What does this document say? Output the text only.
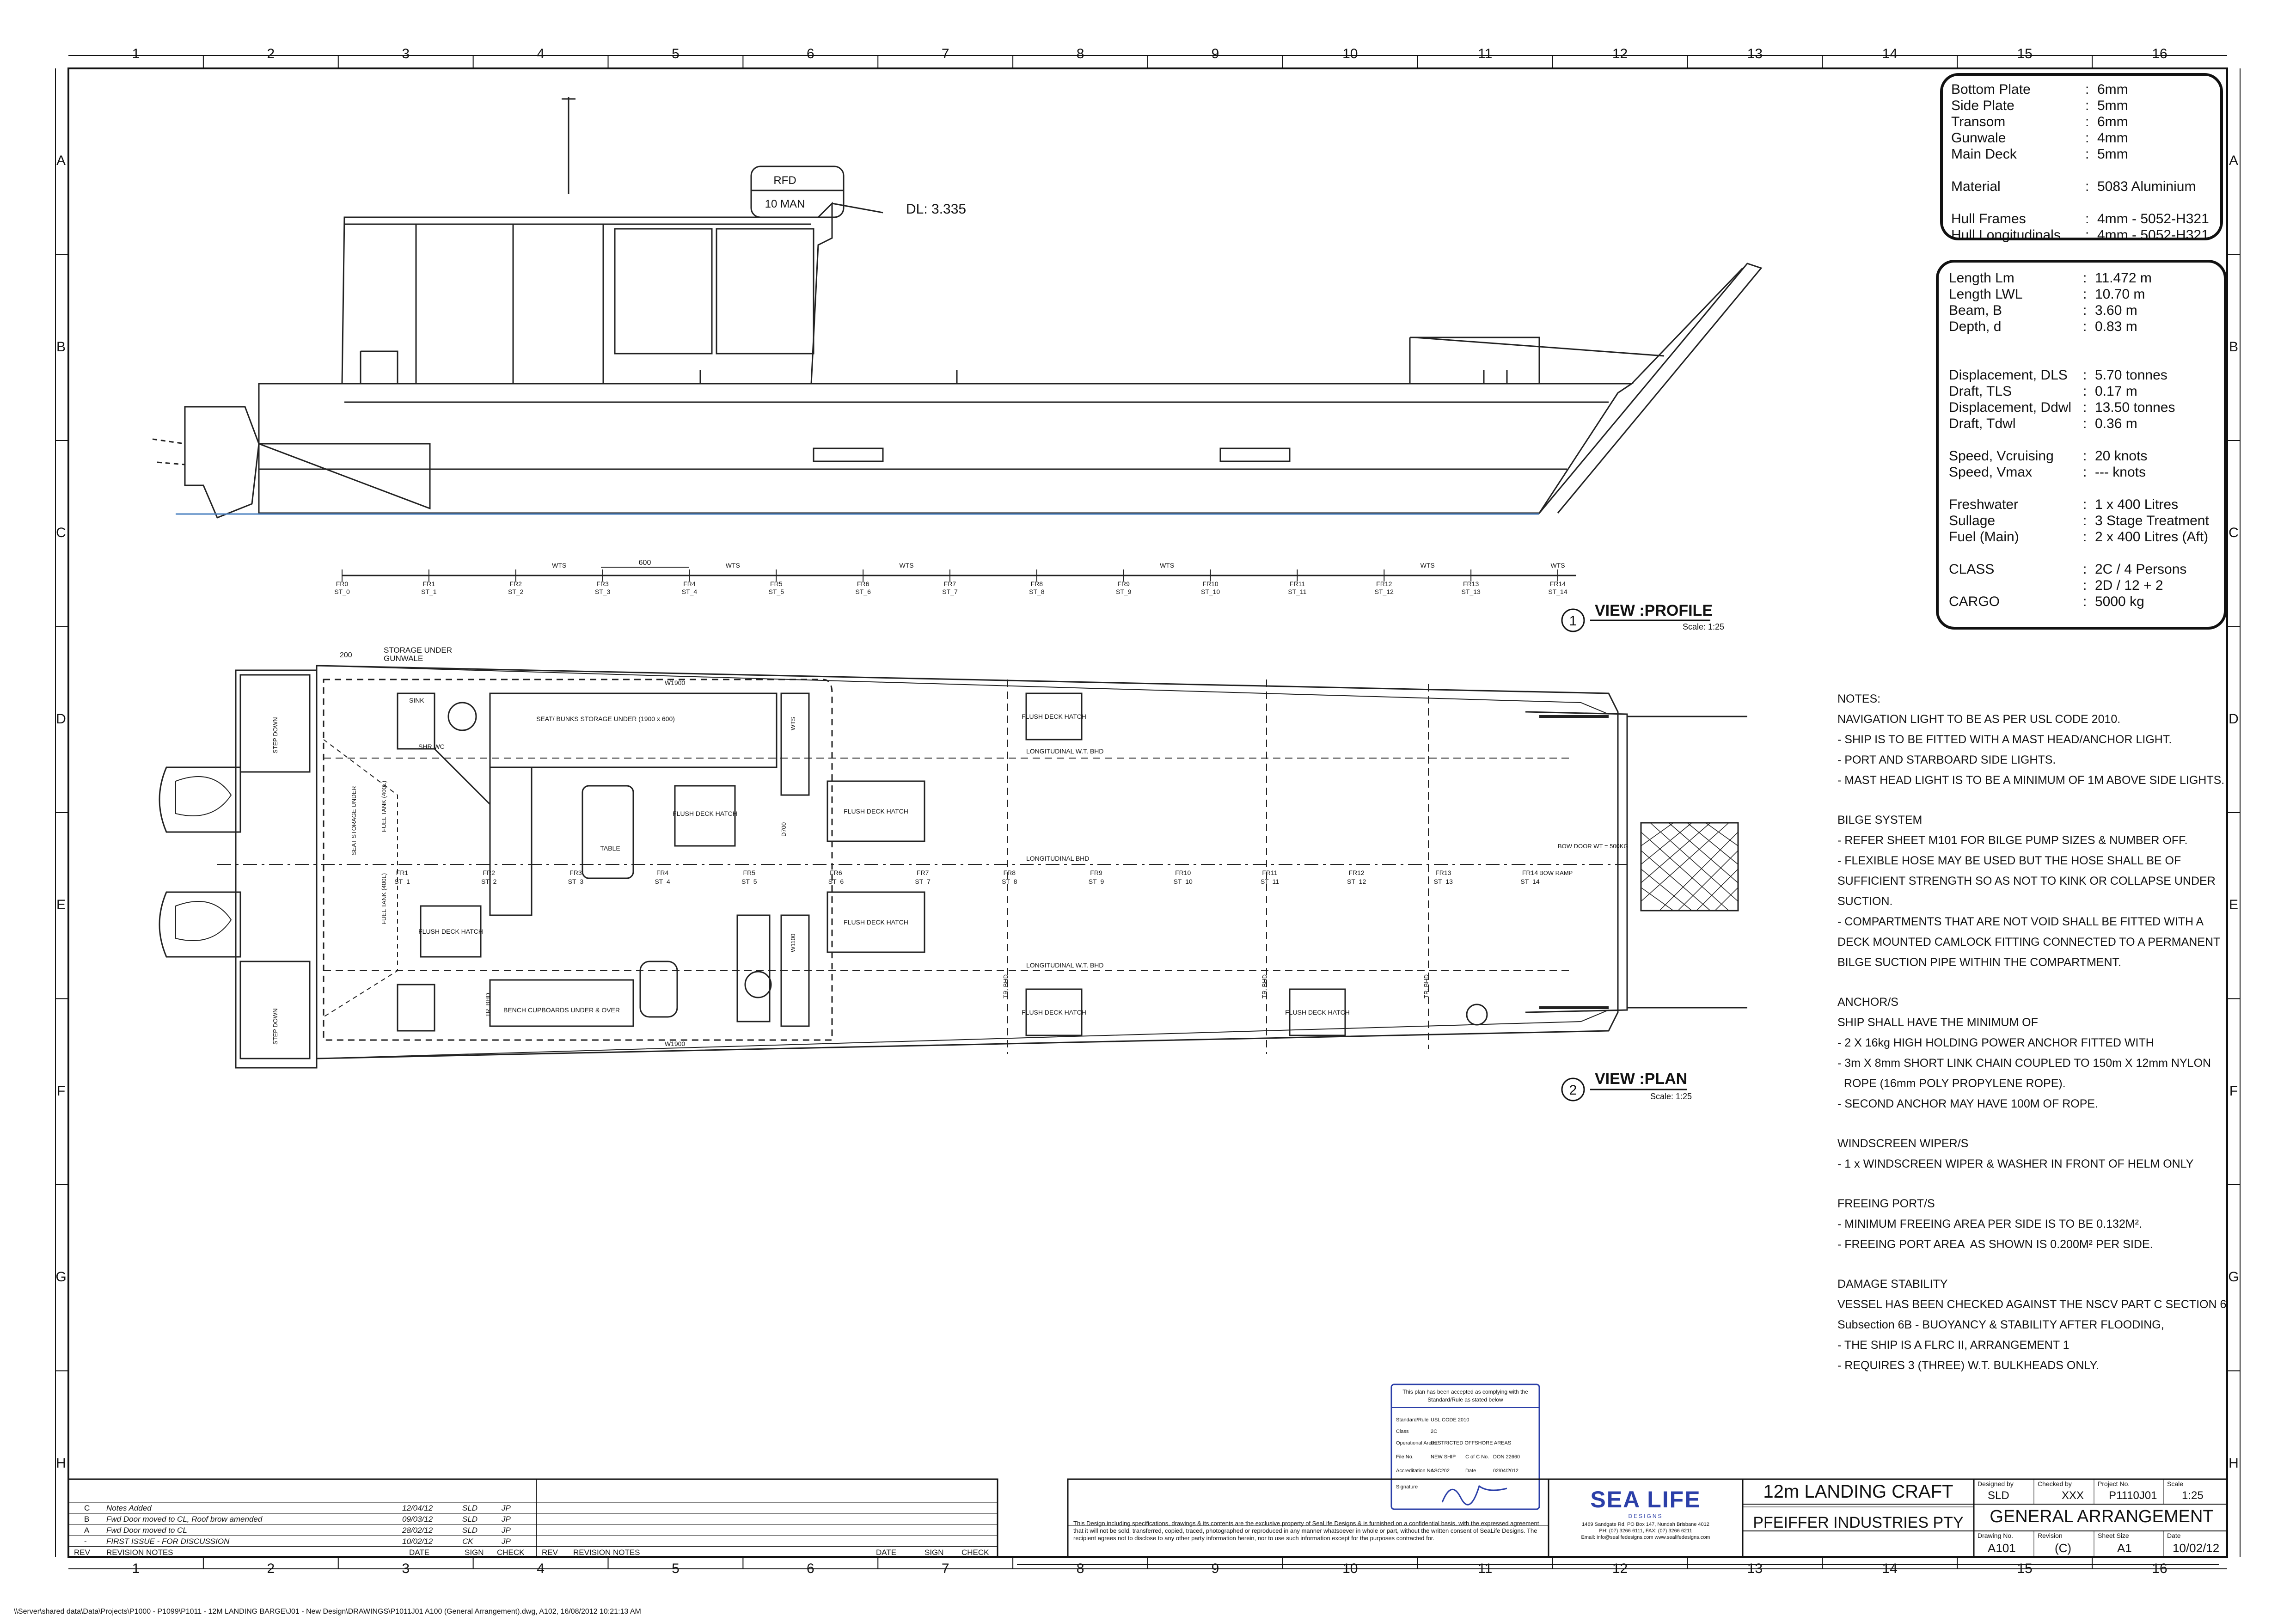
RFD
10 MAN	DL: 3.335
600
FR0
ST_0
FR1
ST_1
FR2
ST_2
WTS
FR3
ST_3
FR4
ST_4
WTS
FR5
ST_5
FR6
ST_6
WTS
FR7
ST_7
FR8
ST_8
FR9
ST_9
WTS
FR10
ST_10
FR11
ST_11
FR12
ST_12
WTS
FR13
ST_13
FR14
ST_14
WTS
1
VIEW :PROFILE
Scale: 1:25
FR1
ST_1
FR2
ST_2
FR3
ST_3
FR4
ST_4
FR5
ST_5
FR6
ST_6
FR7
ST_7
FR8
ST_8
FR9
ST_9
FR10
ST_10
FR11
ST_11
FR12
ST_12
FR13
ST_13
FR14
ST_14
200
STORAGE UNDER
GUNWALE
W1900
W1900
SINK
SHR WC
SEAT/ BUNKS STORAGE UNDER (1900 x 600)
TABLE
FLUSH DECK HATCH	FLUSH DECK HATCH
FLUSH DECK HATCH
FLUSH DECK HATCH
FLUSH DECK HATCH
FLUSH DECK HATCH	FLUSH DECK HATCH
LONGITUDINAL W.T. BHD
LONGITUDINAL W.T. BHD
LONGITUDINAL BHD
BENCH CUPBOARDS UNDER & OVER
BOW DOOR WT = 500KG
BOW RAMP
STEP DOWN
STEP DOWN
FUEL TANK (400L)
FUEL TANK (400L)
SEAT STORAGE UNDER	D700
W1100
WTS
TR. BHD
TR. BHD	TR. BHD	TR. BHD
2
VIEW :PLAN
Scale: 1:25
C Notes Added	12/04/12	SLD	JP
B Fwd Door moved to CL, Roof brow amended	09/03/12	SLD	JP
A Fwd Door moved to CL	28/02/12	SLD	JP
- FIRST ISSUE - FOR DISCUSSION	10/02/12	CK	JP
REV REVISION NOTES	DATE	SIGN CHECK REV REVISION NOTES	DATE	SIGN CHECK
This plan has been accepted as complying with the
Standard/Rule as stated below
Standard/Rule USL CODE 2010
Class	2C
Operational Areas
RESTRICTED OFFSHORE AREAS
File No.	NEW SHIP C of C No. DON 22660
Accreditation No.
ASC202	Date	02/04/2012
Signature
1	2	3	4	5	6	7	8	9	10	11	12	13	14	15	16
1	2	3	4	5	6	7	8	9	10	11	12	13	14	15	16
A
B
C
D
E
F
G
H
A
B
C
D
E
F
G
H
Bottom Plate	: 6mm
Side Plate	: 5mm
Transom	: 6mm
Gunwale	: 4mm
Main Deck	: 5mm
Material	: 5083 Aluminium
Hull Frames	: 4mm - 5052-H321
Hull Longitudinals	: 4mm - 5052-H321
Length Lm	: 11.472 m
Length LWL	: 10.70 m
Beam, B	: 3.60 m
Depth, d	: 0.83 m
Displacement, DLS	: 5.70 tonnes
Draft, TLS	: 0.17 m
Displacement, Ddwl : 13.50 tonnes
Draft, Tdwl	: 0.36 m
Speed, Vcruising	: 20 knots
Speed, Vmax	: --- knots
Freshwater	: 1 x 400 Litres
Sullage	: 3 Stage Treatment
Fuel (Main)	: 2 x 400 Litres (Aft)
CLASS	: 2C / 4 Persons
: 2D / 12 + 2
CARGO	: 5000 kg
NOTES:
NAVIGATION LIGHT TO BE AS PER USL CODE 2010.
- SHIP IS TO BE FITTED WITH A MAST HEAD/ANCHOR LIGHT.
- PORT AND STARBOARD SIDE LIGHTS.
- MAST HEAD LIGHT IS TO BE A MINIMUM OF 1M ABOVE SIDE LIGHTS.
BILGE SYSTEM
- REFER SHEET M101 FOR BILGE PUMP SIZES & NUMBER OFF.
- FLEXIBLE HOSE MAY BE USED BUT THE HOSE SHALL BE OF
SUFFICIENT STRENGTH SO AS NOT TO KINK OR COLLAPSE UNDER
SUCTION.
- COMPARTMENTS THAT ARE NOT VOID SHALL BE FITTED WITH A
DECK MOUNTED CAMLOCK FITTING CONNECTED TO A PERMANENT
BILGE SUCTION PIPE WITHIN THE COMPARTMENT.
ANCHOR/S
SHIP SHALL HAVE THE MINIMUM OF
- 2 X 16kg HIGH HOLDING POWER ANCHOR FITTED WITH
- 3m X 8mm SHORT LINK CHAIN COUPLED TO 150m X 12mm NYLON
ROPE (16mm POLY PROPYLENE ROPE).
- SECOND ANCHOR MAY HAVE 100M OF ROPE.
WINDSCREEN WIPER/S
- 1 x WINDSCREEN WIPER & WASHER IN FRONT OF HELM ONLY
FREEING PORT/S
- MINIMUM FREEING AREA PER SIDE IS TO BE 0.132M².
- FREEING PORT AREA  AS SHOWN IS 0.200M² PER SIDE.
DAMAGE STABILITY
VESSEL HAS BEEN CHECKED AGAINST THE NSCV PART C SECTION 6
Subsection 6B - BUOYANCY & STABILITY AFTER FLOODING,
- THE SHIP IS A FLRC II, ARRANGEMENT 1
- REQUIRES 3 (THREE) W.T. BULKHEADS ONLY.
This Design including specifications, drawings & its contents are the exclusive property of SeaLife Designs & is furnished on a confidential basis, with the expressed agreement that it will not be sold, transferred, copied, traced, photographed or reproduced in any manner whatsoever in whole or part, without the written consent of SeaLife Designs. The recipient agrees not to disclose to any other party information herein, nor to use such information except for the purposes contracted for.
SEA LIFE
DESIGNS
1469 Sandgate Rd, PO Box 147, Nundah Brisbane 4012
PH: (07) 3266 6111, FAX: (07) 3266 6211
Email: info@sealifedesigns.com www.sealifedesigns.com
12m LANDING CRAFT
PFEIFFER INDUSTRIES PTY
Designed by
SLD
Checked by
XXX
Project No.
P1110J01
Scale
1:25
GENERAL ARRANGEMENT
Drawing No.
A101
Revision
(C)
Sheet Size
A1
Date
10/02/12
\\Server\shared data\Data\Projects\P1000 - P1099\P1011 - 12M LANDING BARGE\J01 - New Design\DRAWINGS\P1011J01 A100 (General Arrangement).dwg, A102, 16/08/2012 10:21:13 AM
